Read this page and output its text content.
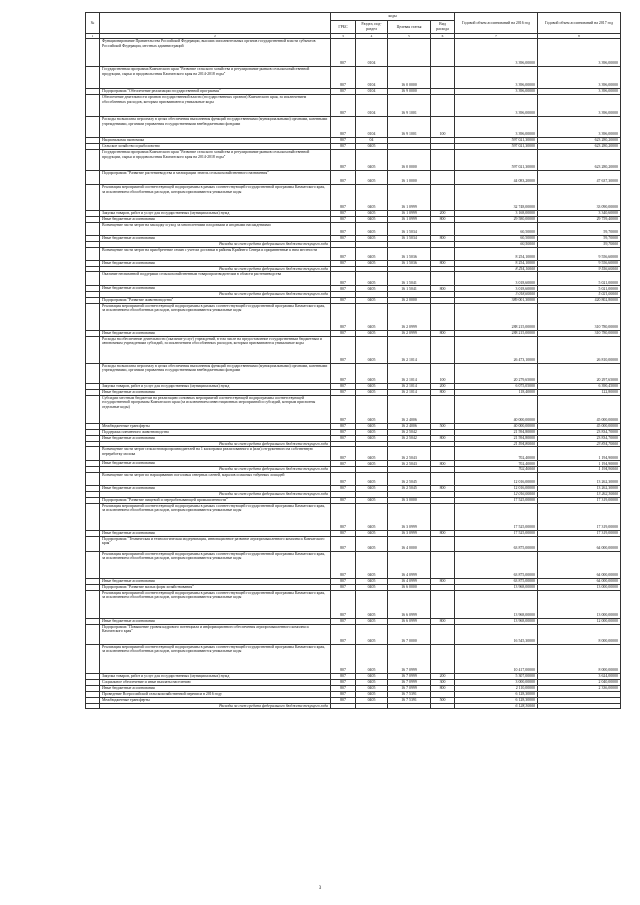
№		коды				Годовой объем ассигнований на 2016 год	Годовой объем ассигнований на 2017 год
		ГРБС	Раздел, под-раздел	Целевая статья	Вид расхода		
1	2	3	4	5	6	7	8
	Функционирование Правительства Российской Федерации, высших исполнительных органов государственной власти субъектов Российской Федерации, местных администраций	807	0104			3 396,00000	3 396,00000
	Государственная программа Камчатского края "Развитие сельского хозяйства и регулирование рынков сельскохозяйственной продукции, сырья и продовольствия Камчатского края на 2014-2018 годы"	807	0104	16 0 0000		3 396,00000	3 396,00000
	Подпрограмма "Обеспечение реализации государственной программы"	807	0104	16 9 0000		3 396,00000	3 396,00000
	Обеспечение деятельности органов государственной власти (государственных органов) Камчатского края, за исключением обособленных расходов, которым присваиваются уникальные коды	807	0104	16 9 1001		3 396,00000	3 396,00000
	Расходы на выплаты персоналу в целях обеспечения выполнения функций государственными (муниципальными) органами, казенными учреждениями, органами управления государственными внебюджетными фондами	807	0104	16 9 1001	100	3 396,00000	3 396,00000
	Национальная экономика	807	04			597 021,30000	623 280,20000
	Сельское хозяйство и рыболовство	807	0405			597 021,30000	623 280,20000
	Государственная программа Камчатского края "Развитие сельского хозяйства и регулирование рынков сельскохозяйственной продукции, сырья и продовольствия Камчатского края на 2014-2018 годы"	807	0405	16 0 0000		597 021,30000	623 280,20000
	Подпрограмма "Развитие растениеводства и мелиорации земель сельскохозяйственного назначения"	807	0405	16 1 0000		44 083,20000	47 637,30000
	Реализация мероприятий соответствующей подпрограммы в рамках соответствующей государственной программы Камчатского края, за исключением обособленных расходов, которым присваиваются уникальные коды	807	0405	16 1 0999		32 748,00000	33 090,00000
	Закупка товаров, работ и услуг для государственных (муниципальных) нужд	807	0405	16 1 0999	200	3 168,00000	3 340,60000
	Иные бюджетные ассигнования	807	0405	16 1 0999	800	29 580,00000	29 759,40000
	Возмещение части затрат на закладку и уход за многолетними плодовыми и ягодными насаждениями	807	0405	16 1 5034		60,50000	59,70000
	Иные бюджетные ассигнования	807	0405	16 1 5034	800	60,50000	59,70000
	Расходы за счет средств федерального бюджета текущего года					60,50000	59,70000
	Возмещение части затрат на приобретение семян с учетом доставки в районы Крайнего Севера и приравненные к ним местности	807	0405	16 1 5036		8 254,10000	9 556,60000
	Иные бюджетные ассигнования	807	0405	16 1 5036	800	8 254,10000	9 556,60000
	Расходы за счет средств федерального бюджета текущего года					8 254,10000	9 556,60000
	Оказание несвязанной поддержки сельскохозяйственным товаропроизводителям в области растениеводства	807	0405	16 1 5041		3 018,60000	5 021,00000
	Иные бюджетные ассигнования	807	0405	16 1 5041	800	3 018,60000	5 021,00000
	Расходы за счет средств федерального бюджета текущего года					3 018,60000	5 021,00000
	Подпрограмма "Развитие животноводства"	807	0405	16 2 0000		389 001,30000	420 802,80000
	Реализация мероприятий соответствующей подпрограммы в рамках соответствующей государственной программы Камчатского края, за исключением обособленных расходов, которым присваиваются уникальные коды	807	0405	16 2 0999		288 215,00000	310 780,00000
	Иные бюджетные ассигнования	807	0405	16 2 0999	800	288 215,00000	310 780,00000
	Расходы на обеспечение деятельности (оказание услуг) учреждений, в том числе на предоставление государственным бюджетным и автономным учреждениям субсидий, за исключением обособленных расходов, которым присваиваются уникальные коды	807	0405	16 2 1014		26 473,10000	26 810,00000
	Расходы на выплаты персоналу в целях обеспечения выполнения функций государственными (муниципальными) органами, казенными учреждениями, органами управления государственными внебюджетными фондами	807	0405	16 2 1014	100	20 279,65000	20 297,65000
	Закупка товаров, работ и услуг для государственных (муниципальных) нужд	807	0405	16 2 1014	200	6 075,05000	6 390,45000
	Иные бюджетные ассигнования	807	0405	16 2 1014	800	118,40000	122,80000
	Субсидии местным бюджетам на реализацию основных мероприятий соответствующей подпрограммы соответствующей государственной программы Камчатского края (за исключением инвестиционных мероприятий и субсидий, которым присвоены отдельные коды)	807	0405	16 2 4006		40 000,00000	45 000,00000
	Межбюджетные трансферты	807	0405	16 2 4006	500	40 000,00000	45 000,00000
	Поддержка племенного животноводства	807	0405	16 2 5042		21 594,80000	23 834,70000
	Иные бюджетные ассигнования	807	0405	16 2 5042	800	21 594,80000	23 834,70000
	Расходы за счет средств федерального бюджета текущего года					21 594,80000	23 834,70000
	Возмещение части затрат сельхозтоваропроизводителей на 1 килограмм реализованного и (или) отгруженного на собственную переработку молока	807	0405	16 2 5043		702,40000	1 194,90000
	Иные бюджетные ассигнования	807	0405	16 2 5043	800	702,40000	1 194,90000
	Расходы за счет средств федерального бюджета текущего года					702,40000	1 194,90000
	Возмещение части затрат по наращиванию поголовья северных оленей, маралов и мясных табунных лошадей	807	0405	16 2 5045		12 016,00000	13 262,30000
	Иные бюджетные ассигнования	807	0405	16 2 5045	800	12 016,00000	13 262,30000
	Расходы за счет средств федерального бюджета текущего года					12 016,00000	13 262,30000
	Подпрограмма "Развитие пищевой и перерабатывающей промышленности"	807	0405	16 3 0000		17 525,00000	17 319,00000
	Реализация мероприятий соответствующей подпрограммы в рамках соответствующей государственной программы Камчатского края, за исключением обособленных расходов, которым присваиваются уникальные коды	807	0405	16 3 0999		17 525,00000	17 319,00000
	Иные бюджетные ассигнования	807	0405	16 3 0999	800	17 525,00000	17 319,00000
	Подпрограмма "Техническая и технологическая модернизация, инновационное развитие агропромышленного комплекса Камчатского края"	807	0405	16 4 0000		63 875,00000	64 000,00000
	Реализация мероприятий соответствующей подпрограммы в рамках соответствующей государственной программы Камчатского края, за исключением обособленных расходов, которым присваиваются уникальные коды	807	0405	16 4 0999		63 875,00000	64 000,00000
	Иные бюджетные ассигнования	807	0405	16 4 0999	800	63 875,00000	64 000,00000
	Подпрограмма "Развитие малых форм хозяйствования"	807	0405	16 6 0000		13 968,00000	13 000,00000
	Реализация мероприятий соответствующей подпрограммы в рамках соответствующей государственной программы Камчатского края, за исключением обособленных расходов, которым присваиваются уникальные коды	807	0405	16 6 0999		13 968,00000	13 000,00000
	Иные бюджетные ассигнования	807	0405	16 6 0999	800	13 968,00000	12 000,00000
	Подпрограмма "Повышение уровня кадрового потенциала и информационного обеспечения агропромышленного комплекса Камчатского края"	807	0405	16 7 0000		16 545,30000	8 000,00000
	Реализация мероприятий соответствующей подпрограммы в рамках соответствующей государственной программы Камчатского края, за исключением обособленных расходов, которым присваиваются уникальные коды	807	0405	16 7 0999		10 417,00000	8 000,00000
	Закупка товаров, работ и услуг для государственных (муниципальных) нужд	807	0405	16 7 0999	200	5 307,00000	3 624,00000
	Социальное обеспечение и иные выплаты населению	807	0405	16 7 0999	300	3 000,00000	2 040,00000
	Иные бюджетные ассигнования	807	0405	16 7 0999	800	2 110,00000	2 336,00000
	Проведение Всероссийской сельскохозяйственной переписи в 2016 году	807	0405	16 7 5391		6 128,30000	
	Межбюджетные трансферты	807	0405	16 7 5391	500	6 128,30000	
	Расходы за счет средств федерального бюджета текущего года					6 128,30000	
3
